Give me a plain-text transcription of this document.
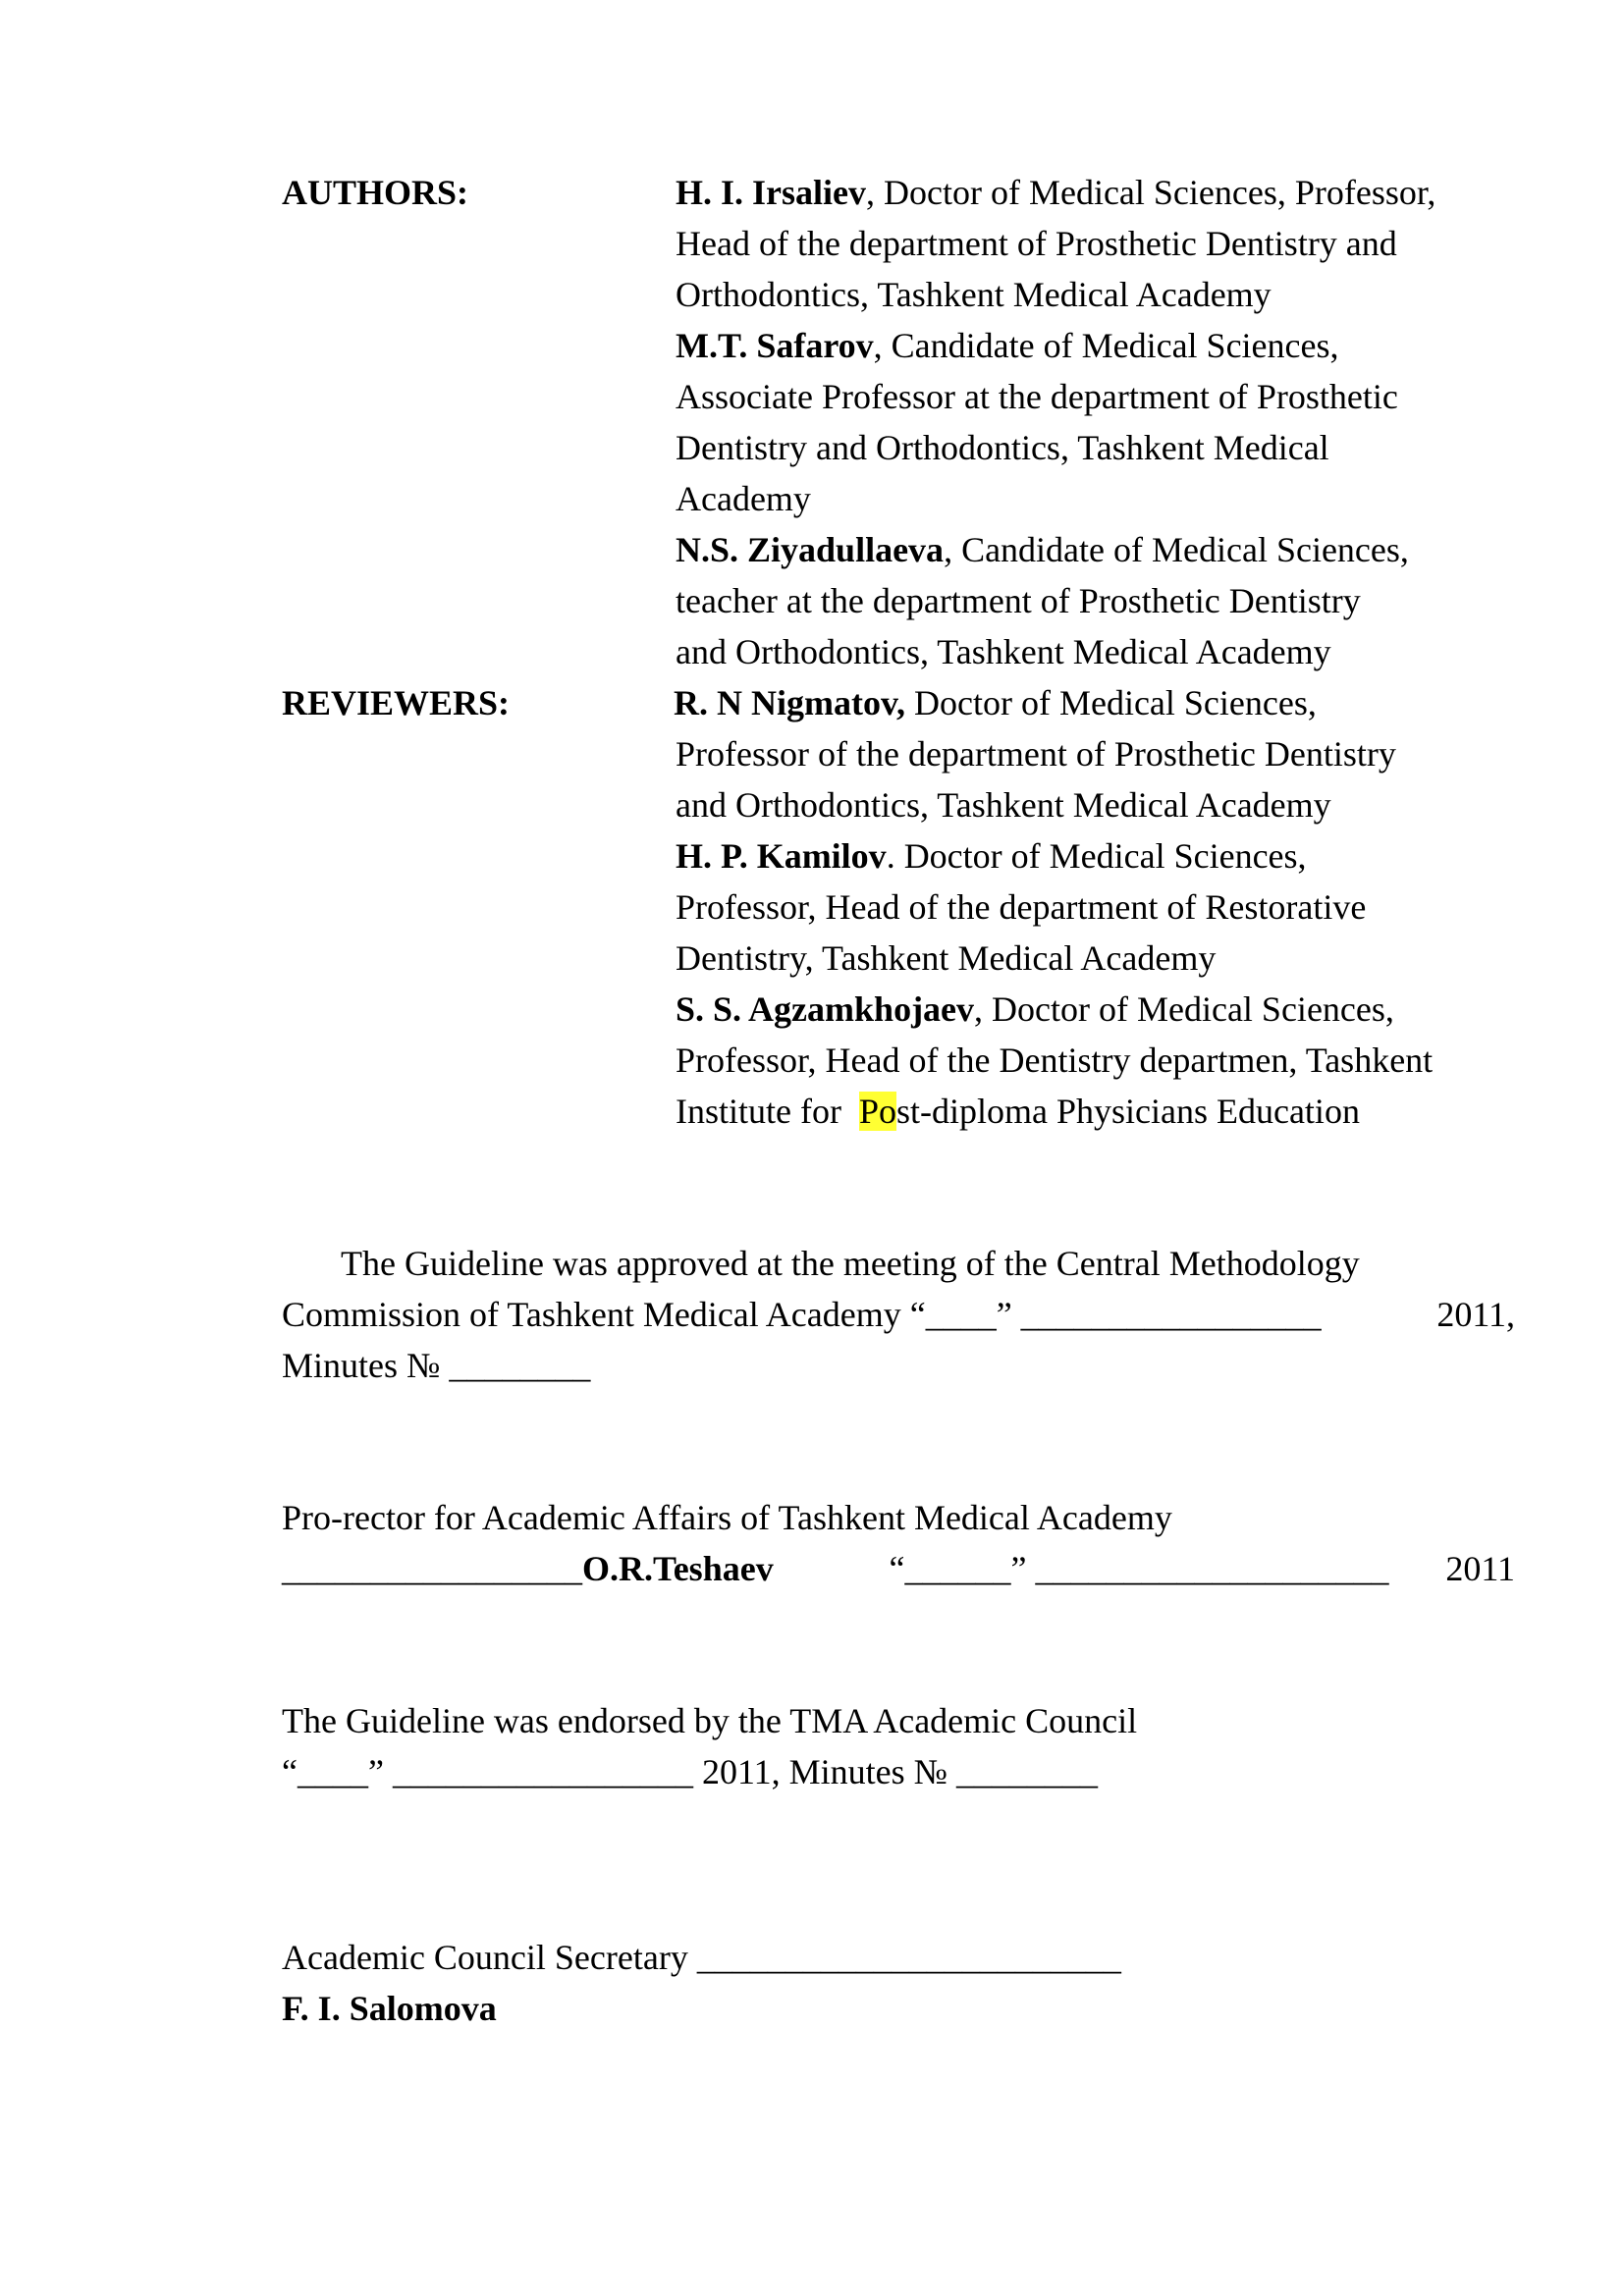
AUTHORS:	H. I. Irsaliev, Doctor of Medical Sciences, Professor,

Head of the department of Prosthetic Dentistry and

Orthodontics, Tashkent Medical Academy

M.T. Safarov, Candidate of Medical Sciences,

Associate Professor at the department of Prosthetic

Dentistry and Orthodontics, Tashkent Medical

Academy

N.S. Ziyadullaeva, Candidate of Medical Sciences,

teacher at the department of Prosthetic Dentistry

and Orthodontics, Tashkent Medical Academy

REVIEWERS:	R. N Nigmatov, Doctor of Medical Sciences,

Professor of the department of Prosthetic Dentistry

and Orthodontics, Tashkent Medical Academy

H. P. Kamilov. Doctor of Medical Sciences,

Professor, Head of the department of Restorative

Dentistry, Tashkent Medical Academy

S. S. Agzamkhojaev, Doctor of Medical Sciences,

Professor, Head of the Dentistry departmen, Tashkent

Institute for  Post-diploma Physicians Education

The Guideline was approved at the meeting of the Central Methodology

Commission of Tashkent Medical Academy “____” _________________	2011,

Minutes № ________

Pro-rector for Academic Affairs of Tashkent Medical Academy

_________________O.R.Teshaev	“______” ____________________ 2011

The Guideline was endorsed by the TMA Academic Council

“____” _________________ 2011, Minutes № ________

Academic Council Secretary ________________________

F. I. Salomova
